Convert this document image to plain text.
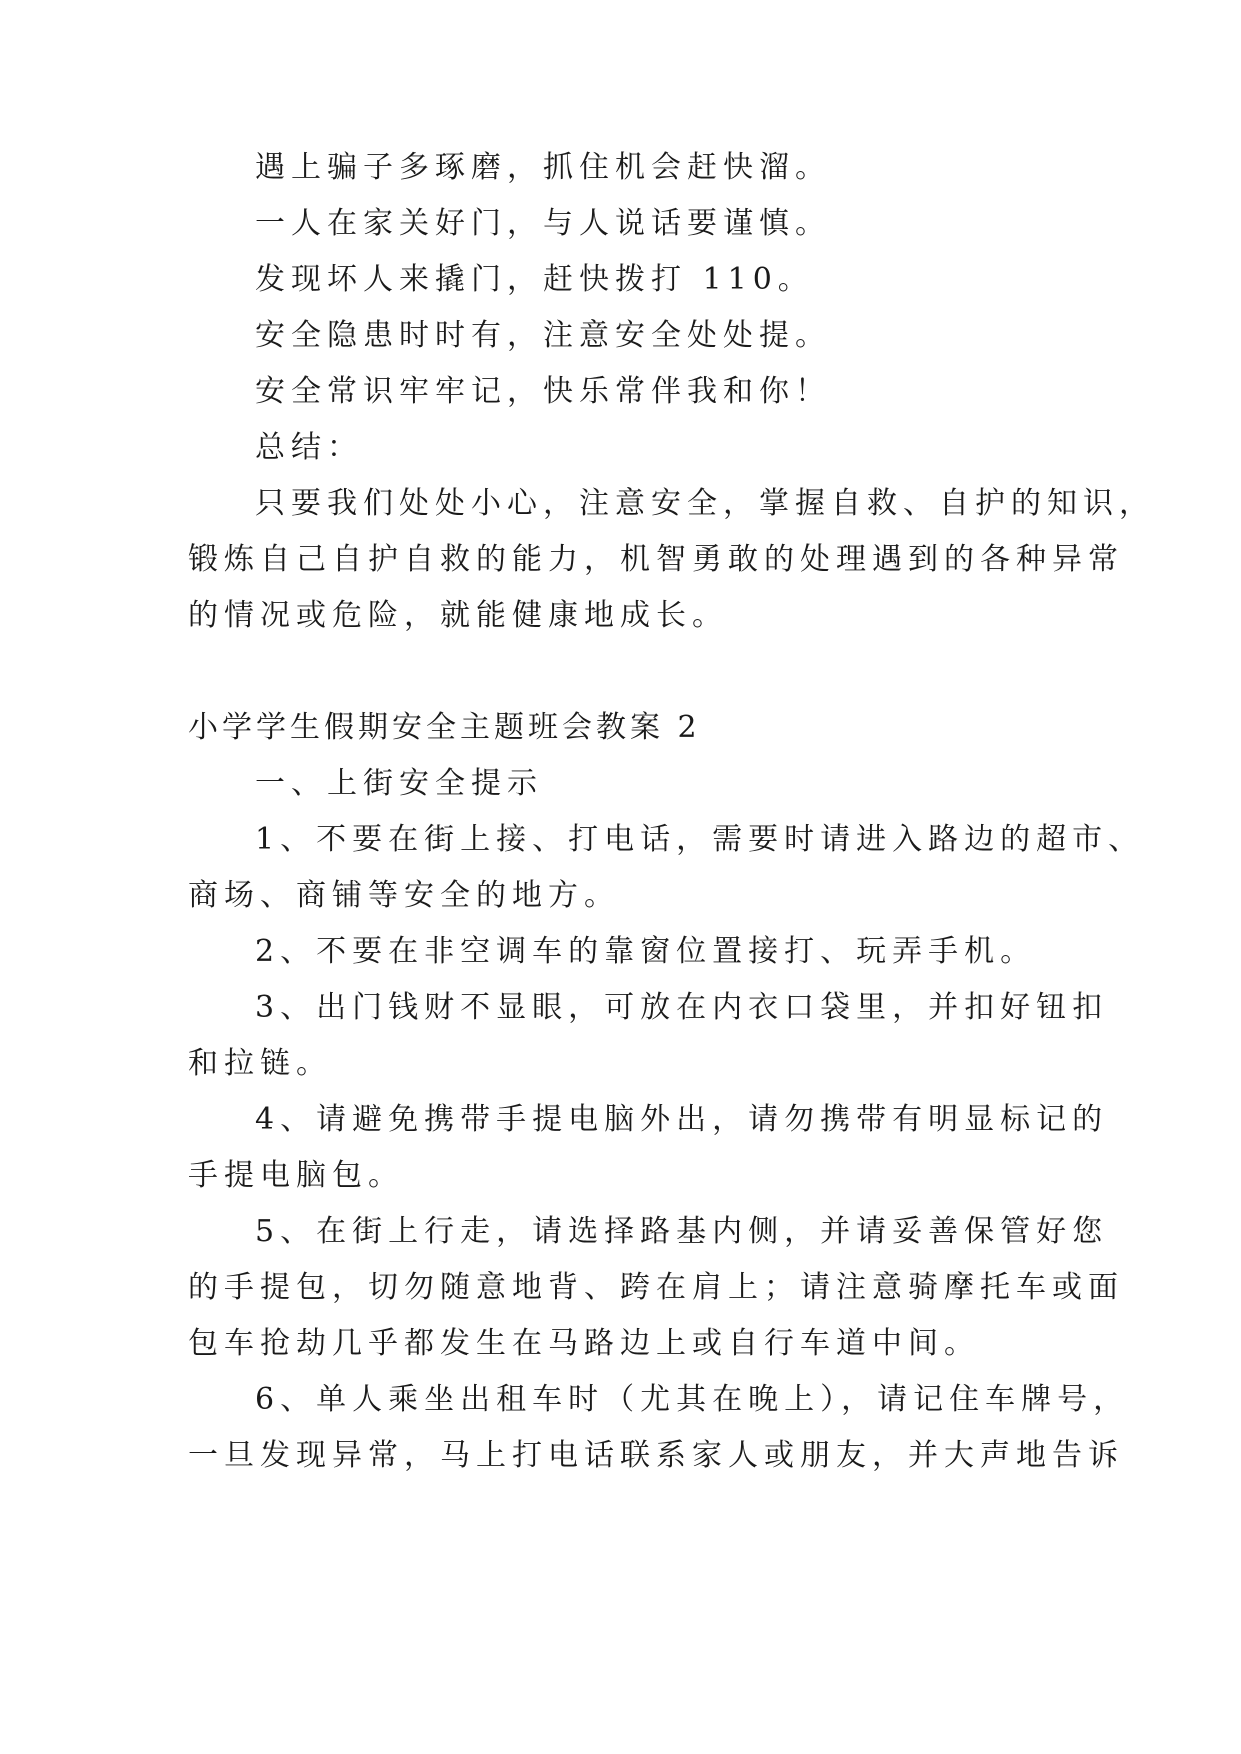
遇上骗子多琢磨，抓住机会赶快溜。
一人在家关好门，与人说话要谨慎。
发现坏人来撬门，赶快拨打 110。
安全隐患时时有，注意安全处处提。
安全常识牢牢记，快乐常伴我和你！
总结：
只要我们处处小心，注意安全，掌握自救、自护的知识，
锻炼自己自护自救的能力，机智勇敢的处理遇到的各种异常
的情况或危险，就能健康地成长。
小学学生假期安全主题班会教案 2
一、上街安全提示
1、不要在街上接、打电话，需要时请进入路边的超市、
商场、商铺等安全的地方。
2、不要在非空调车的靠窗位置接打、玩弄手机。
3、出门钱财不显眼，可放在内衣口袋里，并扣好钮扣
和拉链。
4、请避免携带手提电脑外出，请勿携带有明显标记的
手提电脑包。
5、在街上行走，请选择路基内侧，并请妥善保管好您
的手提包，切勿随意地背、跨在肩上；请注意骑摩托车或面
包车抢劫几乎都发生在马路边上或自行车道中间。
6、单人乘坐出租车时（尤其在晚上），请记住车牌号，
一旦发现异常，马上打电话联系家人或朋友，并大声地告诉
